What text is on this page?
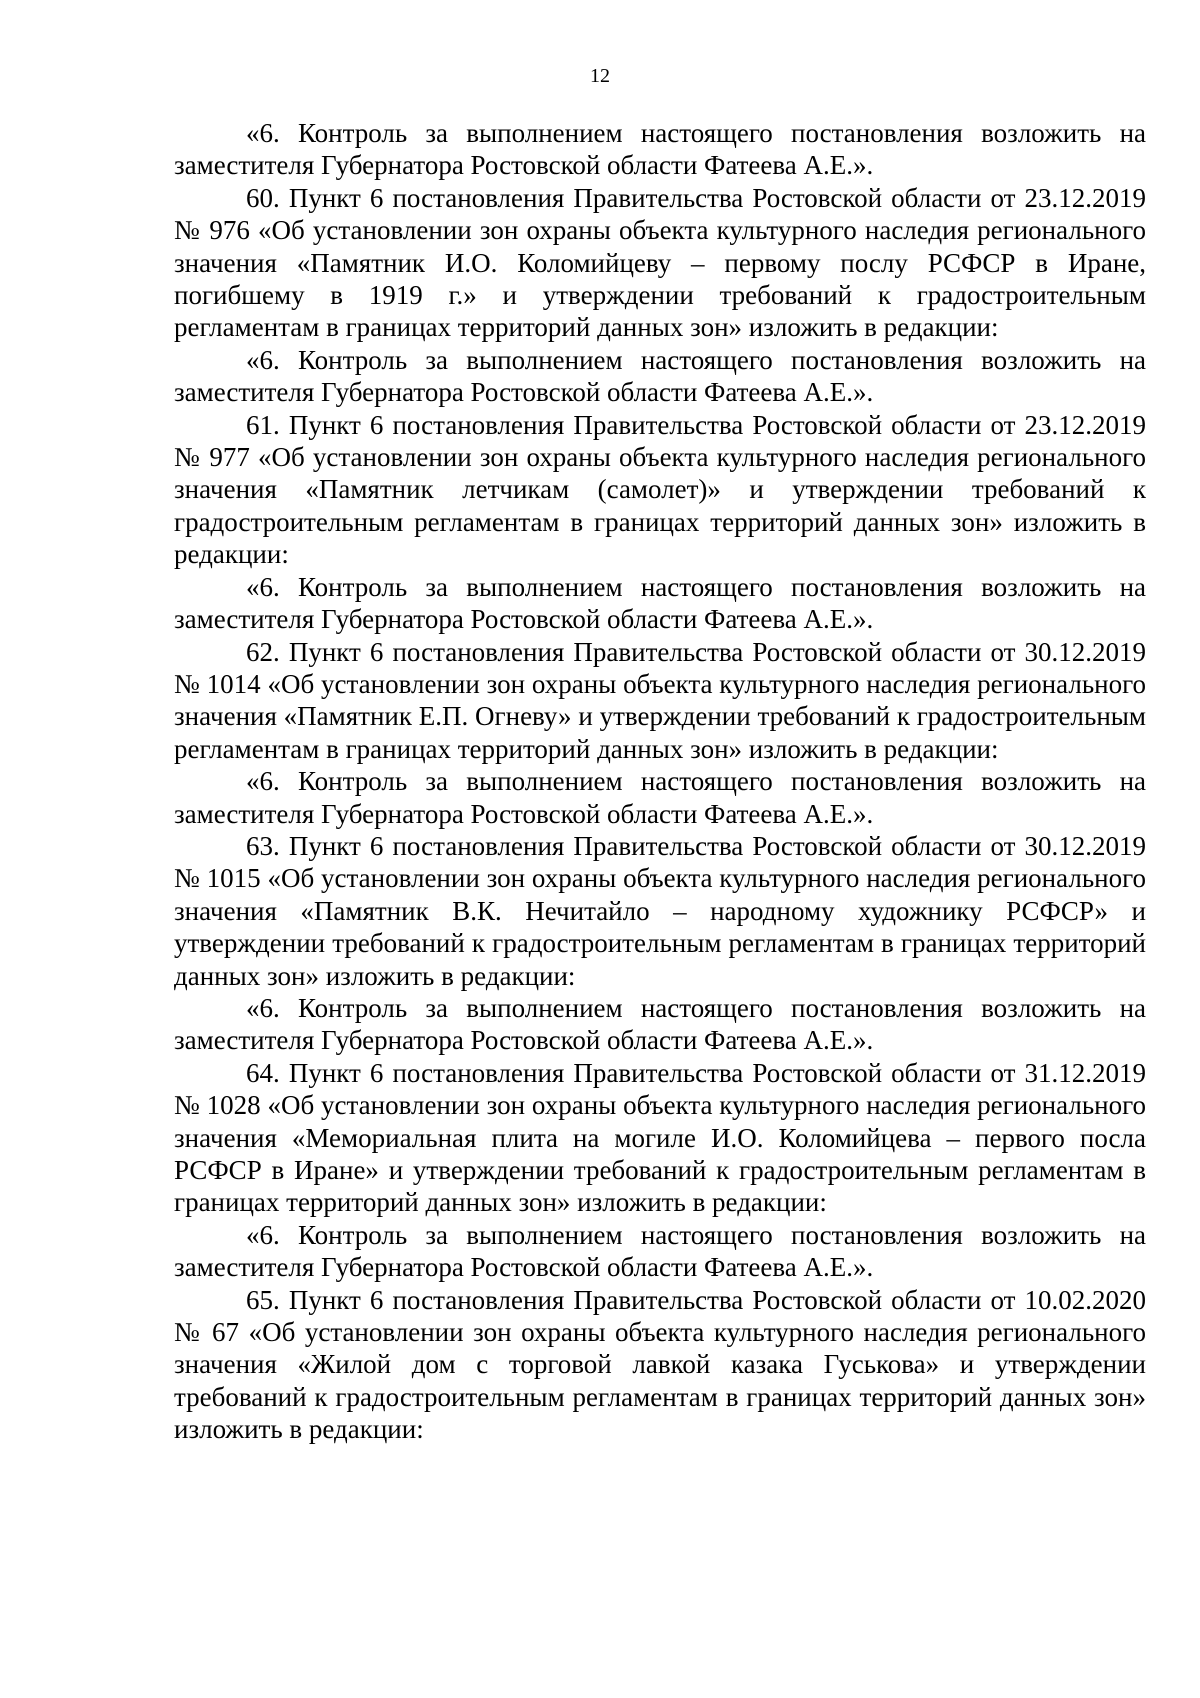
12

«6. Контроль за выполнением настоящего постановления возложить на заместителя Губернатора Ростовской области Фатеева А.Е.».

60. Пункт 6 постановления Правительства Ростовской области от 23.12.2019 № 976 «Об установлении зон охраны объекта культурного наследия регионального значения «Памятник И.О. Коломийцеву – первому послу РСФСР в Иране, погибшему в 1919 г.» и утверждении требований к градостроительным регламентам в границах территорий данных зон» изложить в редакции:

«6. Контроль за выполнением настоящего постановления возложить на заместителя Губернатора Ростовской области Фатеева А.Е.».

61. Пункт 6 постановления Правительства Ростовской области от 23.12.2019 № 977 «Об установлении зон охраны объекта культурного наследия регионального значения «Памятник летчикам (самолет)» и утверждении требований к градостроительным регламентам в границах территорий данных зон» изложить в редакции:

«6. Контроль за выполнением настоящего постановления возложить на заместителя Губернатора Ростовской области Фатеева А.Е.».

62. Пункт 6 постановления Правительства Ростовской области от 30.12.2019 № 1014 «Об установлении зон охраны объекта культурного наследия регионального значения «Памятник Е.П. Огневу» и утверждении требований к градостроительным регламентам в границах территорий данных зон» изложить в редакции:

«6. Контроль за выполнением настоящего постановления возложить на заместителя Губернатора Ростовской области Фатеева А.Е.».

63. Пункт 6 постановления Правительства Ростовской области от 30.12.2019 № 1015 «Об установлении зон охраны объекта культурного наследия регионального значения «Памятник В.К. Нечитайло – народному художнику РСФСР» и утверждении требований к градостроительным регламентам в границах территорий данных зон» изложить в редакции:

«6. Контроль за выполнением настоящего постановления возложить на заместителя Губернатора Ростовской области Фатеева А.Е.».

64. Пункт 6 постановления Правительства Ростовской области от 31.12.2019 № 1028 «Об установлении зон охраны объекта культурного наследия регионального значения «Мемориальная плита на могиле И.О. Коломийцева – первого посла РСФСР в Иране» и утверждении требований к градостроительным регламентам в границах территорий данных зон» изложить в редакции:

«6. Контроль за выполнением настоящего постановления возложить на заместителя Губернатора Ростовской области Фатеева А.Е.».

65. Пункт 6 постановления Правительства Ростовской области от 10.02.2020 № 67 «Об установлении зон охраны объекта культурного наследия регионального значения «Жилой дом с торговой лавкой казака Гуськова» и утверждении требований к градостроительным регламентам в границах территорий данных зон» изложить в редакции:
